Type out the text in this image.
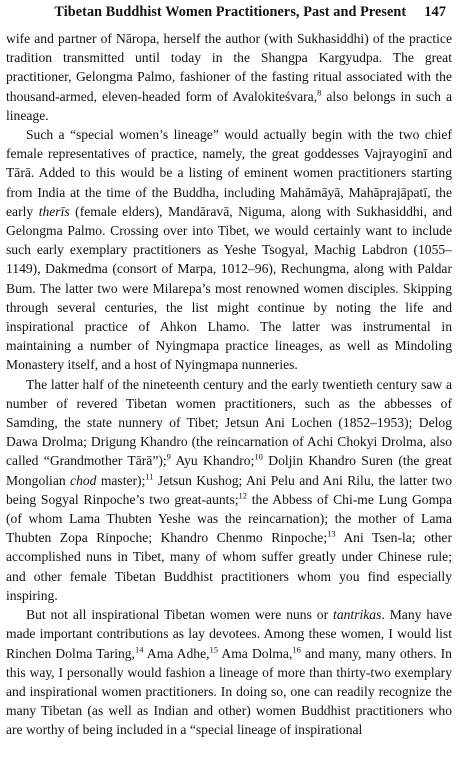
Tibetan Buddhist Women Practitioners, Past and Present 147

wife and partner of Nāropa, herself the author (with Sukhasiddhi) of the practice tradition transmitted until today in the Shangpa Kargyudpa. The great practitioner, Gelongma Palmo, fashioner of the fasting ritual associated with the thousand-armed, eleven-headed form of Avalokiteśvara,$^8$ also belongs in such a lineage.

Such a “special women’s lineage” would actually begin with the two chief female representatives of practice, namely, the great goddesses Vajrayoginī and Tārā. Added to this would be a listing of eminent women practitioners starting from India at the time of the Buddha, including Mahāmāyā, Mahāprajāpatī, the early therīs (female elders), Mandāravā, Niguma, along with Sukhasiddhi, and Gelongma Palmo. Crossing over into Tibet, we would certainly want to include such early exemplary practitioners as Yeshe Tsogyal, Machig Labdron (1055–1149), Dakmedma (consort of Marpa, 1012–96), Rechungma, along with Paldar Bum. The latter two were Milarepa’s most renowned women disciples. Skipping through several centuries, the list might continue by noting the life and inspirational practice of Ahkon Lhamo. The latter was instrumental in maintaining a number of Nyingmapa practice lineages, as well as Mindoling Monastery itself, and a host of Nyingmapa nunneries.

The latter half of the nineteenth century and the early twentieth century saw a number of revered Tibetan women practitioners, such as the abbesses of Samding, the state nunnery of Tibet; Jetsun Ani Lochen (1852–1953); Delog Dawa Drolma; Drigung Khandro (the reincarnation of Achi Chokyi Drolma, also called “Grandmother Tārā”);$^9$ Ayu Khandro;$^{10}$ Doljin Khandro Suren (the great Mongolian chod master);$^{11}$ Jetsun Kushog; Ani Pelu and Ani Rilu, the latter two being Sogyal Rinpoche’s two great-aunts;$^{12}$ the Abbess of Chi-me Lung Gompa (of whom Lama Thubten Yeshe was the reincarnation); the mother of Lama Thubten Zopa Rinpoche; Khandro Chenmo Rinpoche;$^{13}$ Ani Tsen-la; other accomplished nuns in Tibet, many of whom suffer greatly under Chinese rule; and other female Tibetan Buddhist practitioners whom you find especially inspiring.

But not all inspirational Tibetan women were nuns or tantrikas. Many have made important contributions as lay devotees. Among these women, I would list Rinchen Dolma Taring,$^{14}$ Ama Adhe,$^{15}$ Ama Dolma,$^{16}$ and many, many others. In this way, I personally would fashion a lineage of more than thirty-two exemplary and inspirational women practitioners. In doing so, one can readily recognize the many Tibetan (as well as Indian and other) women Buddhist practitioners who are worthy of being included in a “special lineage of inspirational
